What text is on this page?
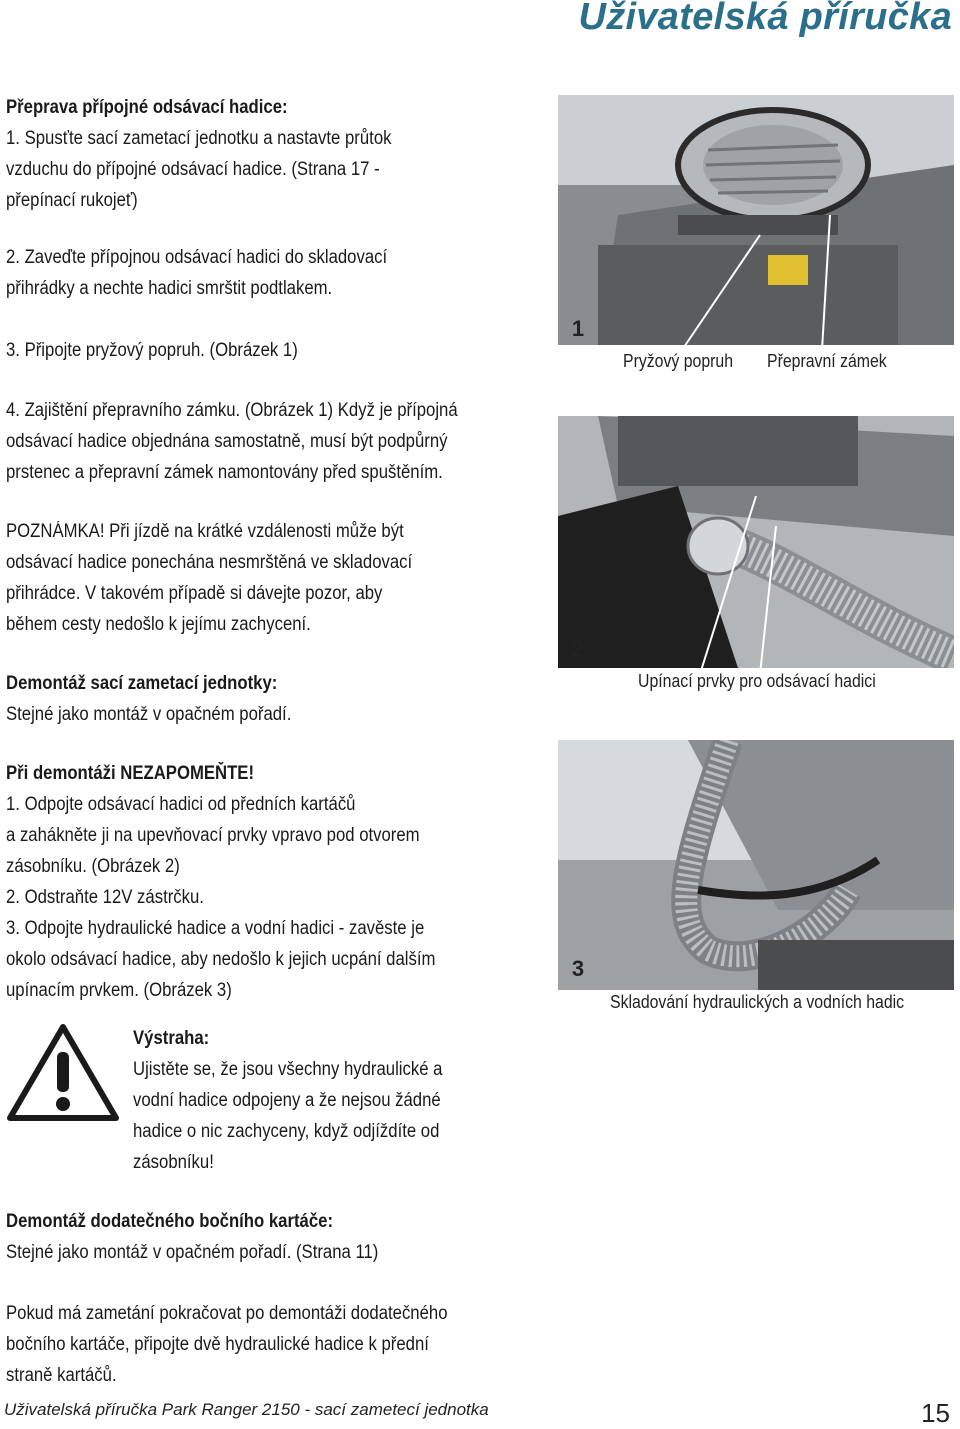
Uživatelská příručka
Přeprava přípojné odsávací hadice:
1. Spusťte sací zametací jednotku a nastavte průtok
vzduchu do přípojné odsávací hadice. (Strana 17 -
přepínací rukojeť)
2. Zaveďte přípojnou odsávací hadici do skladovací
přihrádky a nechte hadici smrštit podtlakem.
3. Připojte pryžový popruh. (Obrázek 1)
4. Zajištění přepravního zámku. (Obrázek 1) Když je přípojná
odsávací hadice objednána samostatně, musí být podpůrný
prstenec a přepravní zámek namontovány před spuštěním.
POZNÁMKA! Při jízdě na krátké vzdálenosti může být
odsávací hadice ponechána nesmrštěná ve skladovací
přihrádce. V takovém případě si dávejte pozor, aby
během cesty nedošlo k jejímu zachycení.
Demontáž sací zametací jednotky:
Stejné jako montáž v opačném pořadí.
Při demontáži NEZAPOMEŇTE!
1. Odpojte odsávací hadici od předních kartáčů
a zahákněte ji na upevňovací prvky vpravo pod otvorem
zásobníku. (Obrázek 2)
2. Odstraňte 12V zástrčku.
3. Odpojte hydraulické hadice a vodní hadici - zavěste je
okolo odsávací hadice, aby nedošlo k jejich ucpání dalším
upínacím prvkem. (Obrázek 3)
Výstraha:
Ujistěte se, že jsou všechny hydraulické a
vodní hadice odpojeny a že nejsou žádné
hadice o nic zachyceny, když odjíždíte od
zásobníku!
Demontáž dodatečného bočního kartáče:
Stejné jako montáž v opačném pořadí. (Strana 11)
Pokud má zametání pokračovat po demontáži dodatečného
bočního kartáče, připojte dvě hydraulické hadice k přední
straně kartáčů.
1
Pryžový popruh Přepravní zámek
2
Upínací prvky pro odsávací hadici
3
Skladování hydraulických a vodních hadic
Uživatelská příručka Park Ranger 2150 - sací zametecí jednotka	15
